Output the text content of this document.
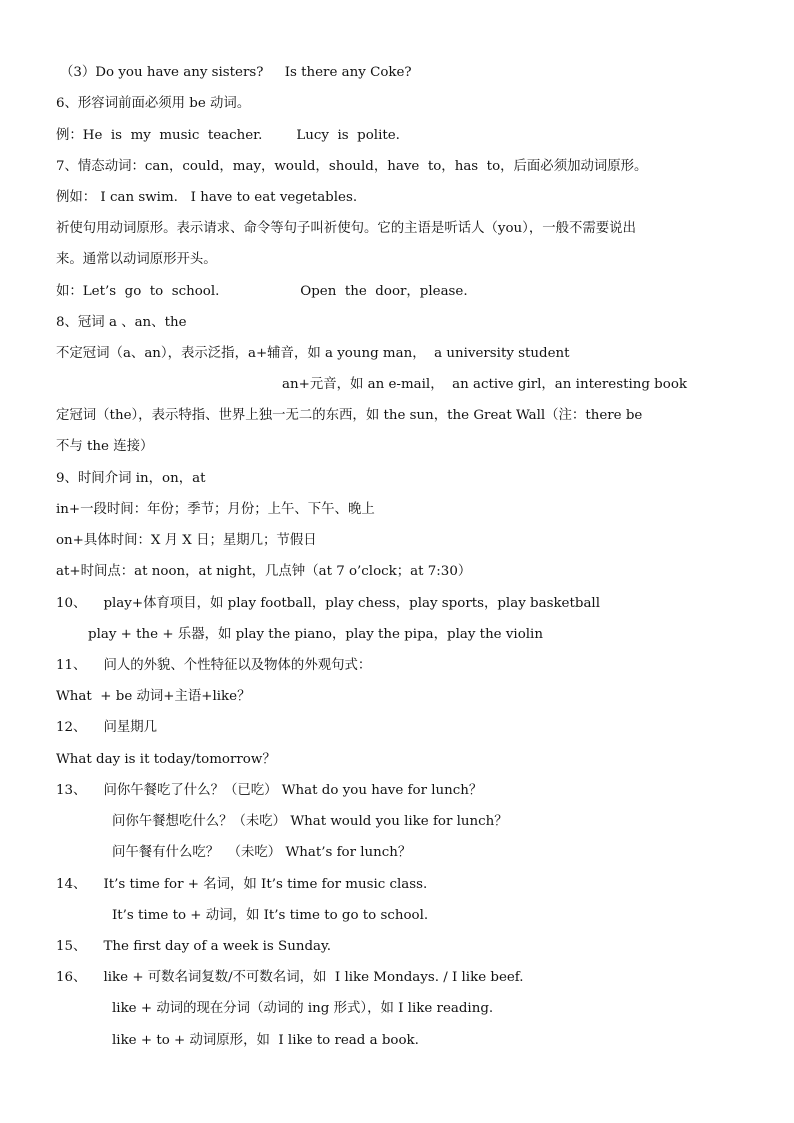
（3）Do you have any sisters?     Is there any Coke?
6、形容词前面必须用 be 动词。
例：He  is  my  music  teacher.        Lucy  is  polite.
7、情态动词：can，could，may，would，should，have  to，has  to，后面必须加动词原形。
例如： I can swim.   I have to eat vegetables.
祈使句用动词原形。表示请求、命令等句子叫祈使句。它的主语是听话人（you），一般不需要说出
来。通常以动词原形开头。
如：Let’s  go  to  school.                   Open  the  door，please.
8、冠词 a 、an、the
不定冠词（a、an），表示泛指，a+辅音，如 a young man，  a university student
an+元音，如 an e-mail，  an active girl，an interesting book
定冠词（the），表示特指、世界上独一无二的东西，如 the sun，the Great Wall（注：there be
不与 the 连接）
9、时间介词 in，on，at
in+一段时间：年份；季节；月份；上午、下午、晚上
on+具体时间：X 月 X 日；星期几；节假日
at+时间点：at noon，at night，几点钟（at 7 o’clock；at 7:30）
10、    play+体育项目，如 play football，play chess，play sports，play basketball
play + the + 乐器，如 play the piano，play the pipa，play the violin
11、    问人的外貌、个性特征以及物体的外观句式：
What  + be 动词+主语+like？
12、    问星期几
What day is it today/tomorrow？
13、    问你午餐吃了什么？（已吃） What do you have for lunch？
问你午餐想吃什么？（未吃） What would you like for lunch？
问午餐有什么吃？  （未吃） What’s for lunch？
14、    It’s time for + 名词，如 It’s time for music class.
It’s time to + 动词，如 It’s time to go to school.
15、    The first day of a week is Sunday.
16、    like + 可数名词复数/不可数名词，如  I like Mondays. / I like beef.
like + 动词的现在分词（动词的 ing 形式），如 I like reading.
like + to + 动词原形，如  I like to read a book.
